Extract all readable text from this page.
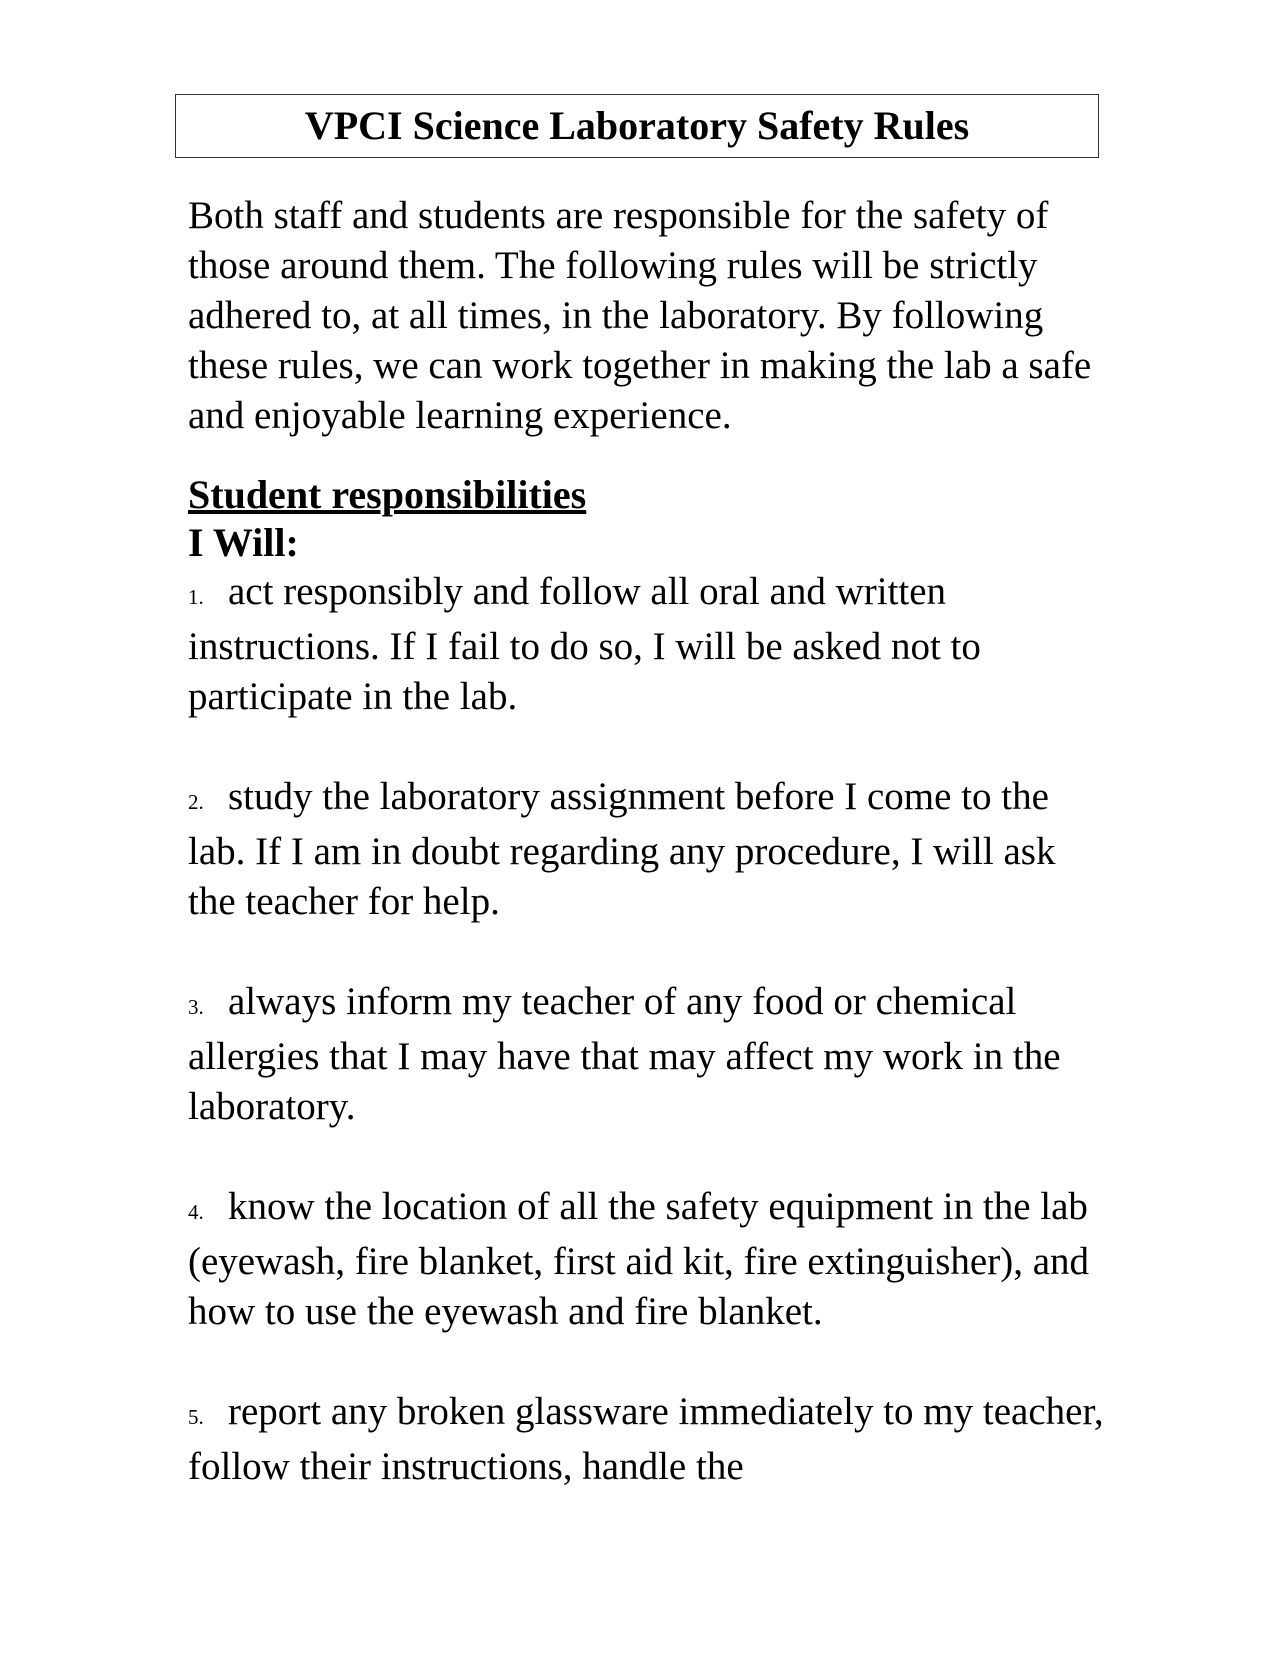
VPCI Science Laboratory Safety Rules

Both staff and students are responsible for the safety of those around them. The following rules will be strictly adhered to, at all times, in the laboratory. By following these rules, we can work together in making the lab a safe and enjoyable learning experience.

Student responsibilities
I Will:

1. act responsibly and follow all oral and written instructions. If I fail to do so, I will be asked not to participate in the lab.

2. study the laboratory assignment before I come to the lab. If I am in doubt regarding any procedure, I will ask the teacher for help.

3. always inform my teacher of any food or chemical allergies that I may have that may affect my work in the laboratory.

4. know the location of all the safety equipment in the lab (eyewash, fire blanket, first aid kit, fire extinguisher), and how to use the eyewash and fire blanket.

5. report any broken glassware immediately to my teacher, follow their instructions, handle the
